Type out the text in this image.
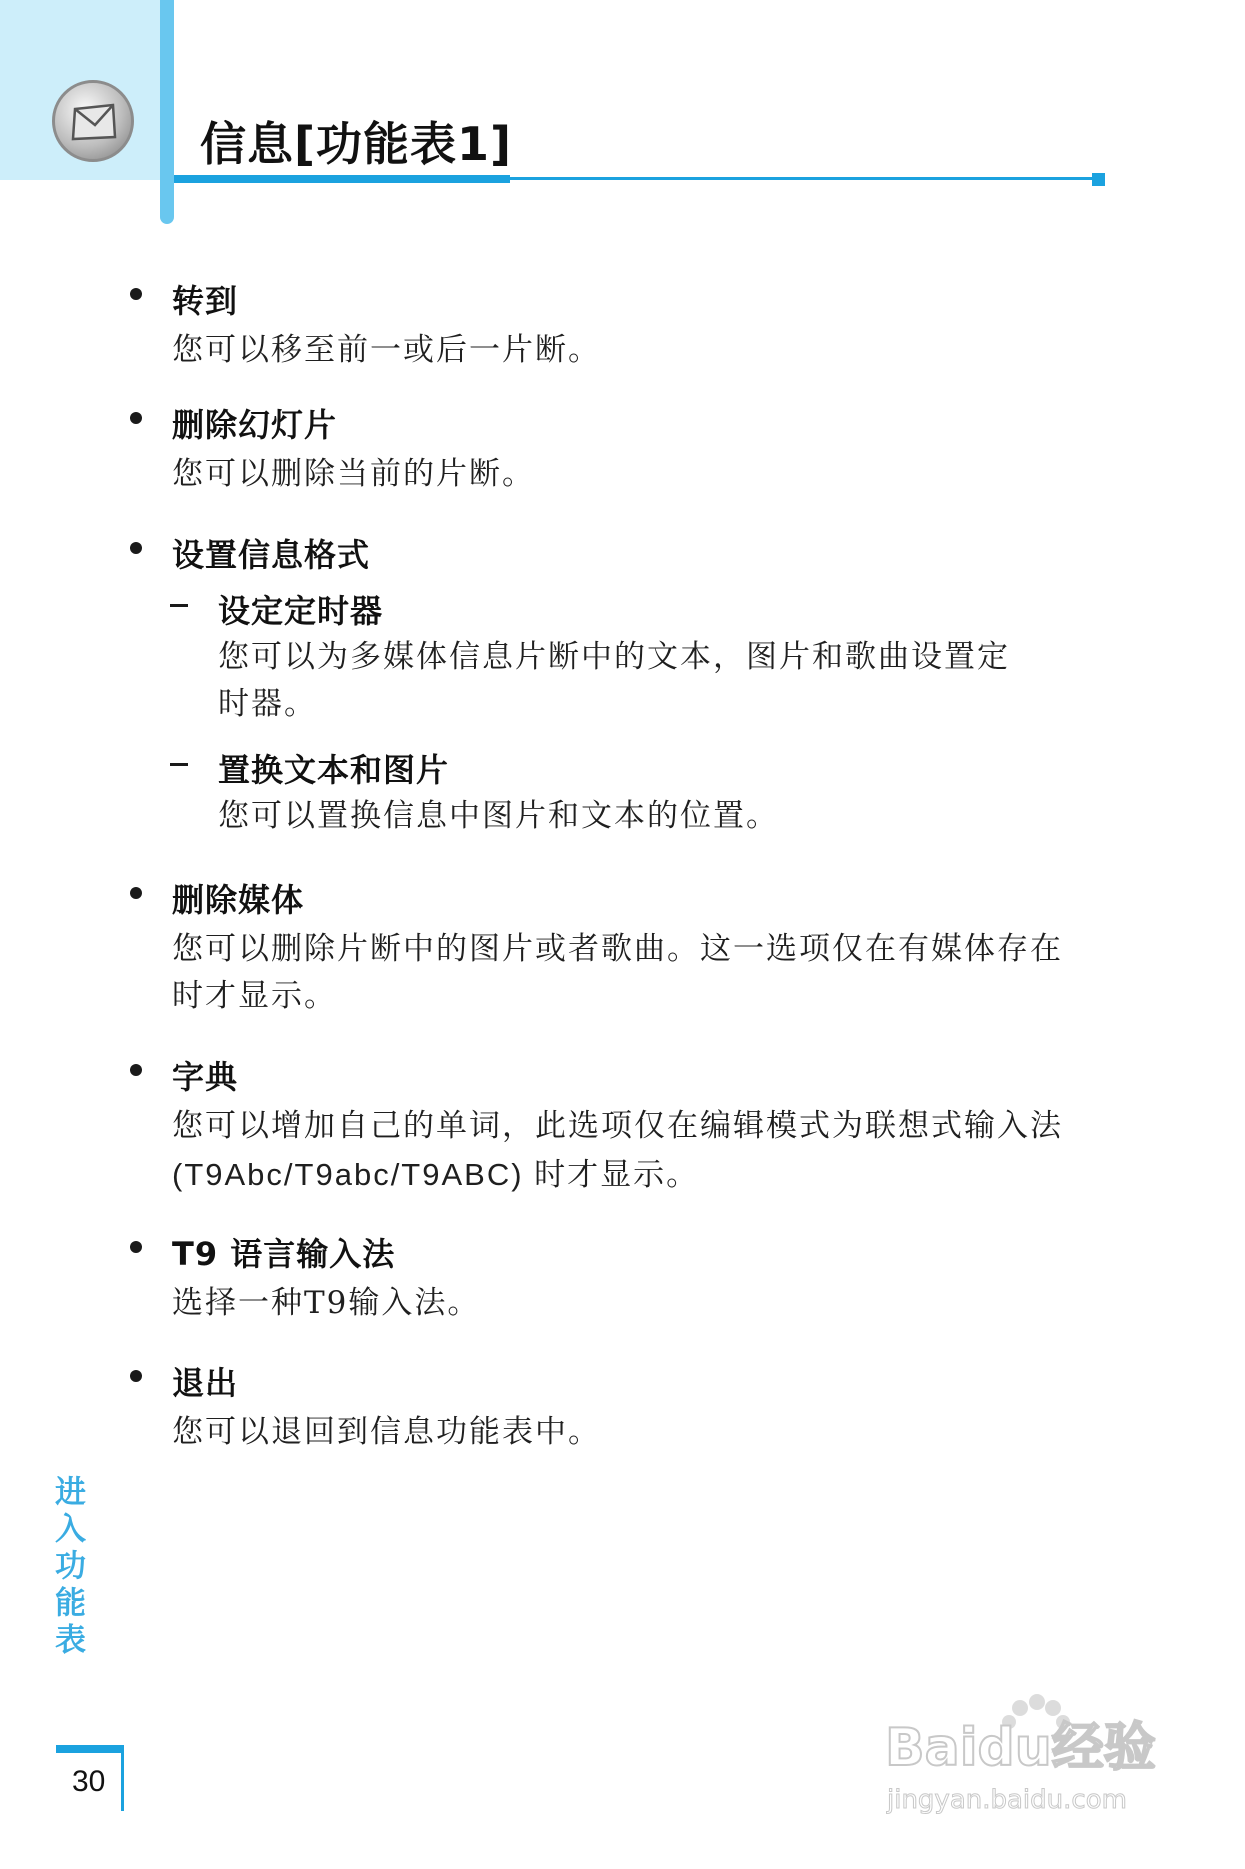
信息[功能表1]
转到
您可以移至前一或后一片断。
删除幻灯片
您可以删除当前的片断。
设置信息格式
设定定时器
您可以为多媒体信息片断中的文本，图片和歌曲设置定
时器。
置换文本和图片
您可以置换信息中图片和文本的位置。
删除媒体
您可以删除片断中的图片或者歌曲。这一选项仅在有媒体存在
时才显示。
字典
您可以增加自己的单词，此选项仅在编辑模式为联想式输入法
(T9Abc/T9abc/T9ABC) 时才显示。
T9 语言输入法
选择一种T9输入法。
退出
您可以退回到信息功能表中。
进入功能表
30
Baidu经验
jingyan.baidu.com
